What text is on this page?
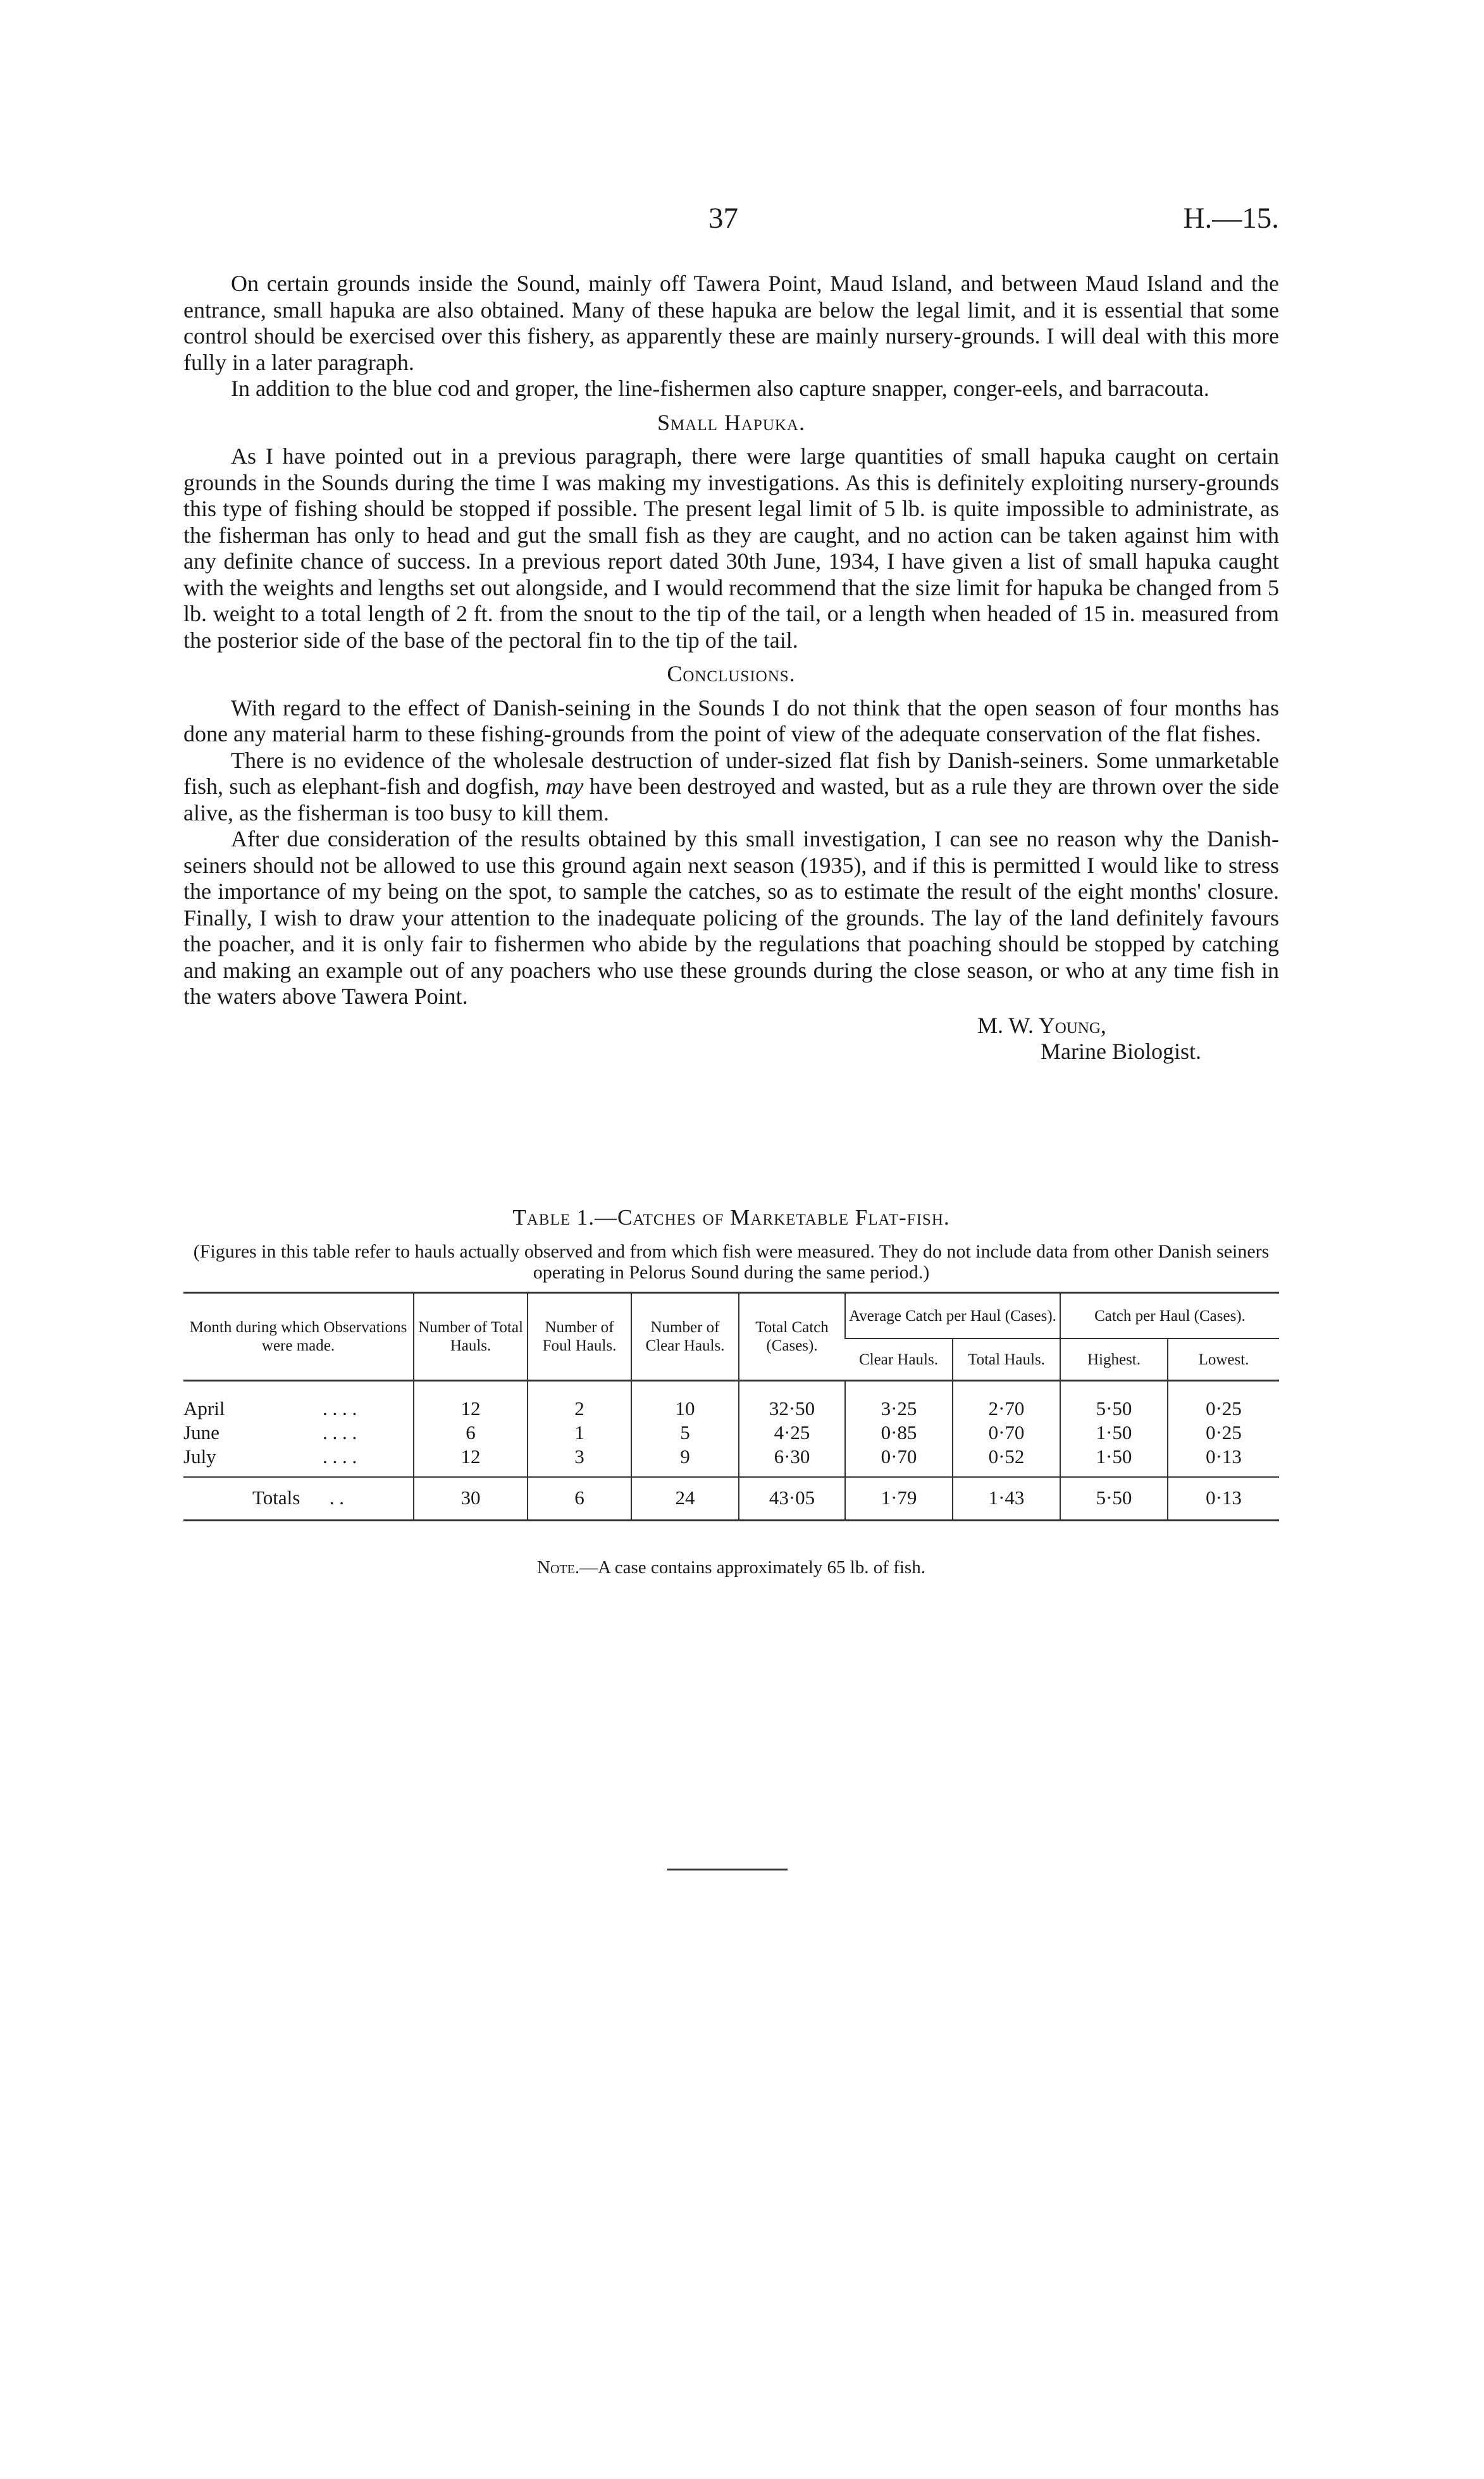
37	H.—15.

On certain grounds inside the Sound, mainly off Tawera Point, Maud Island, and between Maud Island and the entrance, small hapuka are also obtained. Many of these hapuka are below the legal limit, and it is essential that some control should be exercised over this fishery, as apparently these are mainly nursery-grounds. I will deal with this more fully in a later paragraph.

In addition to the blue cod and groper, the line-fishermen also capture snapper, conger-eels, and barracouta.

Small Hapuka.

As I have pointed out in a previous paragraph, there were large quantities of small hapuka caught on certain grounds in the Sounds during the time I was making my investigations. As this is definitely exploiting nursery-grounds this type of fishing should be stopped if possible. The present legal limit of 5 lb. is quite impossible to administrate, as the fisherman has only to head and gut the small fish as they are caught, and no action can be taken against him with any definite chance of success. In a previous report dated 30th June, 1934, I have given a list of small hapuka caught with the weights and lengths set out alongside, and I would recommend that the size limit for hapuka be changed from 5 lb. weight to a total length of 2 ft. from the snout to the tip of the tail, or a length when headed of 15 in. measured from the posterior side of the base of the pectoral fin to the tip of the tail.

Conclusions.

With regard to the effect of Danish-seining in the Sounds I do not think that the open season of four months has done any material harm to these fishing-grounds from the point of view of the adequate conservation of the flat fishes.

There is no evidence of the wholesale destruction of under-sized flat fish by Danish-seiners. Some unmarketable fish, such as elephant-fish and dogfish, may have been destroyed and wasted, but as a rule they are thrown over the side alive, as the fisherman is too busy to kill them.

After due consideration of the results obtained by this small investigation, I can see no reason why the Danish-seiners should not be allowed to use this ground again next season (1935), and if this is permitted I would like to stress the importance of my being on the spot, to sample the catches, so as to estimate the result of the eight months' closure. Finally, I wish to draw your attention to the inadequate policing of the grounds. The lay of the land definitely favours the poacher, and it is only fair to fishermen who abide by the regulations that poaching should be stopped by catching and making an example out of any poachers who use these grounds during the close season, or who at any time fish in the waters above Tawera Point.

M. W. Young,
Marine Biologist.
Table 1.—Catches of Marketable Flat-fish.
(Figures in this table refer to hauls actually observed and from which fish were measured. They do not include data from other Danish seiners operating in Pelorus Sound during the same period.)
Month during which Observations were made.	Number of Total Hauls.	Number of Foul Hauls.	Number of Clear Hauls.	Total Catch (Cases).	Average Catch per Haul (Cases).		Catch per Haul (Cases).	
					Clear Hauls.	Total Hauls.	Highest.	Lowest.
April . . . .	12	2	10	32·50	3·25	2·70	5·50	0·25
June . . . .	6	1	5	4·25	0·85	0·70	1·50	0·25
July . . . .	12	3	9	6·30	0·70	0·52	1·50	0·13
Totals . .	30	6	24	43·05	1·79	1·43	5·50	0·13
Note.—A case contains approximately 65 lb. of fish.
